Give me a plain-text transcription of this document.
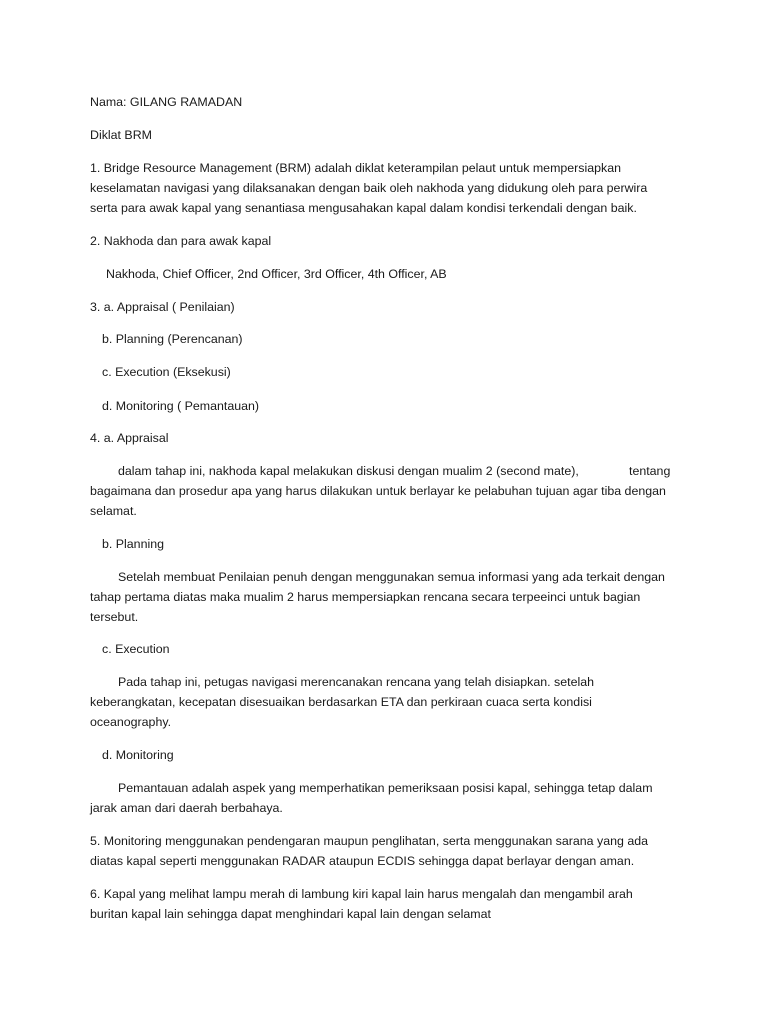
Nama: GILANG RAMADAN
Diklat BRM
1. Bridge Resource Management (BRM) adalah diklat keterampilan pelaut untuk mempersiapkan
keselamatan navigasi yang dilaksanakan dengan baik oleh nakhoda yang didukung oleh para perwira
serta para awak kapal yang senantiasa mengusahakan kapal dalam kondisi terkendali dengan baik.
2. Nakhoda dan para awak kapal
Nakhoda, Chief Officer, 2nd Officer, 3rd Officer, 4th Officer, AB
3. a. Appraisal ( Penilaian)
b. Planning (Perencanan)
c. Execution (Eksekusi)
d. Monitoring ( Pemantauan)
4. a. Appraisal
dalam tahap ini, nakhoda kapal melakukan diskusi dengan mualim 2 (second mate),	tentang
bagaimana dan prosedur apa yang harus dilakukan untuk berlayar ke pelabuhan tujuan agar tiba dengan
selamat.
b. Planning
Setelah membuat Penilaian penuh dengan menggunakan semua informasi yang ada terkait dengan
tahap pertama diatas maka mualim 2 harus mempersiapkan rencana secara terpeeinci untuk bagian
tersebut.
c. Execution
Pada tahap ini, petugas navigasi merencanakan rencana yang telah disiapkan. setelah
keberangkatan, kecepatan disesuaikan berdasarkan ETA dan perkiraan cuaca serta kondisi
oceanography.
d. Monitoring
Pemantauan adalah aspek yang memperhatikan pemeriksaan posisi kapal, sehingga tetap dalam
jarak aman dari daerah berbahaya.
5. Monitoring menggunakan pendengaran maupun penglihatan, serta menggunakan sarana yang ada
diatas kapal seperti menggunakan RADAR ataupun ECDIS sehingga dapat berlayar dengan aman.
6. Kapal yang melihat lampu merah di lambung kiri kapal lain harus mengalah dan mengambil arah
buritan kapal lain sehingga dapat menghindari kapal lain dengan selamat
